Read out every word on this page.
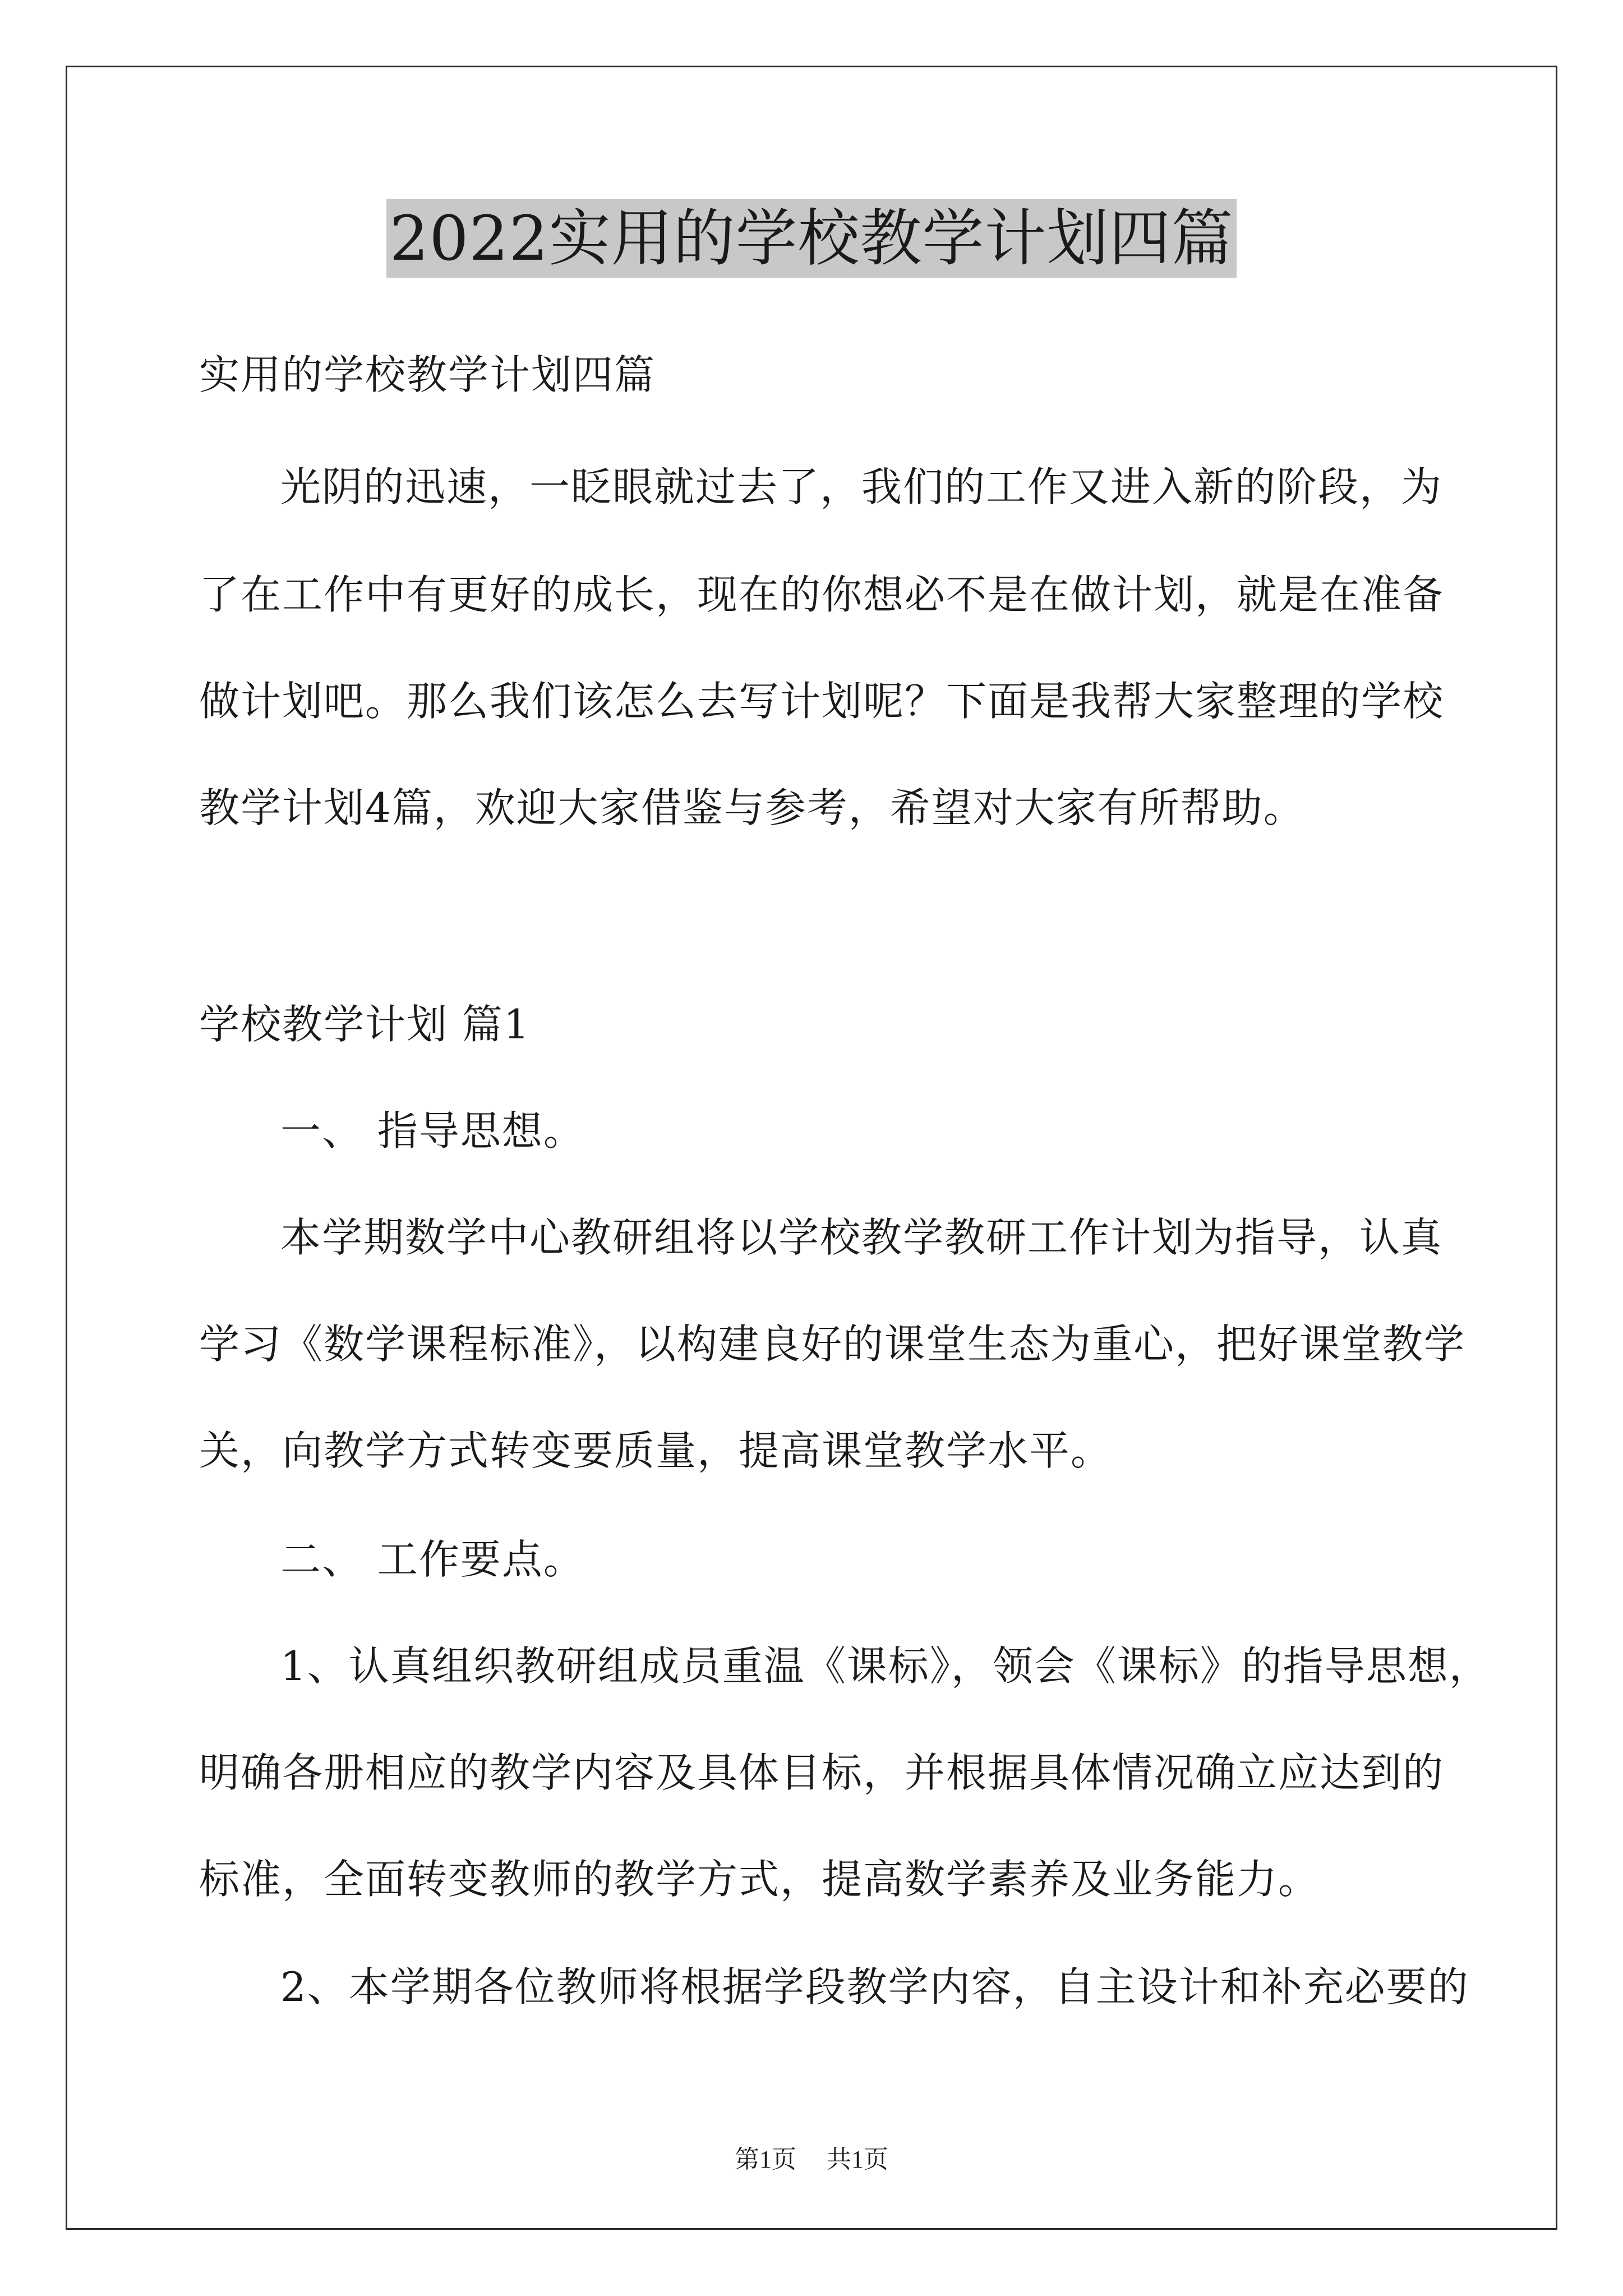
2022实用的学校教学计划四篇
实用的学校教学计划四篇
光阴的迅速，一眨眼就过去了，我们的工作又进入新的阶段，为
了在工作中有更好的成长，现在的你想必不是在做计划，就是在准备
做计划吧。那么我们该怎么去写计划呢？下面是我帮大家整理的学校
教学计划4篇，欢迎大家借鉴与参考，希望对大家有所帮助。
学校教学计划 篇1
一、 指导思想。
本学期数学中心教研组将以学校教学教研工作计划为指导，认真
学习《数学课程标准》，以构建良好的课堂生态为重心，把好课堂教学
关，向教学方式转变要质量，提高课堂教学水平。
二、 工作要点。
1、认真组织教研组成员重温《课标》，领会《课标》的指导思想，
明确各册相应的教学内容及具体目标，并根据具体情况确立应达到的
标准，全面转变教师的教学方式，提高数学素养及业务能力。
2、本学期各位教师将根据学段教学内容，自主设计和补充必要的
第1页 共1页
